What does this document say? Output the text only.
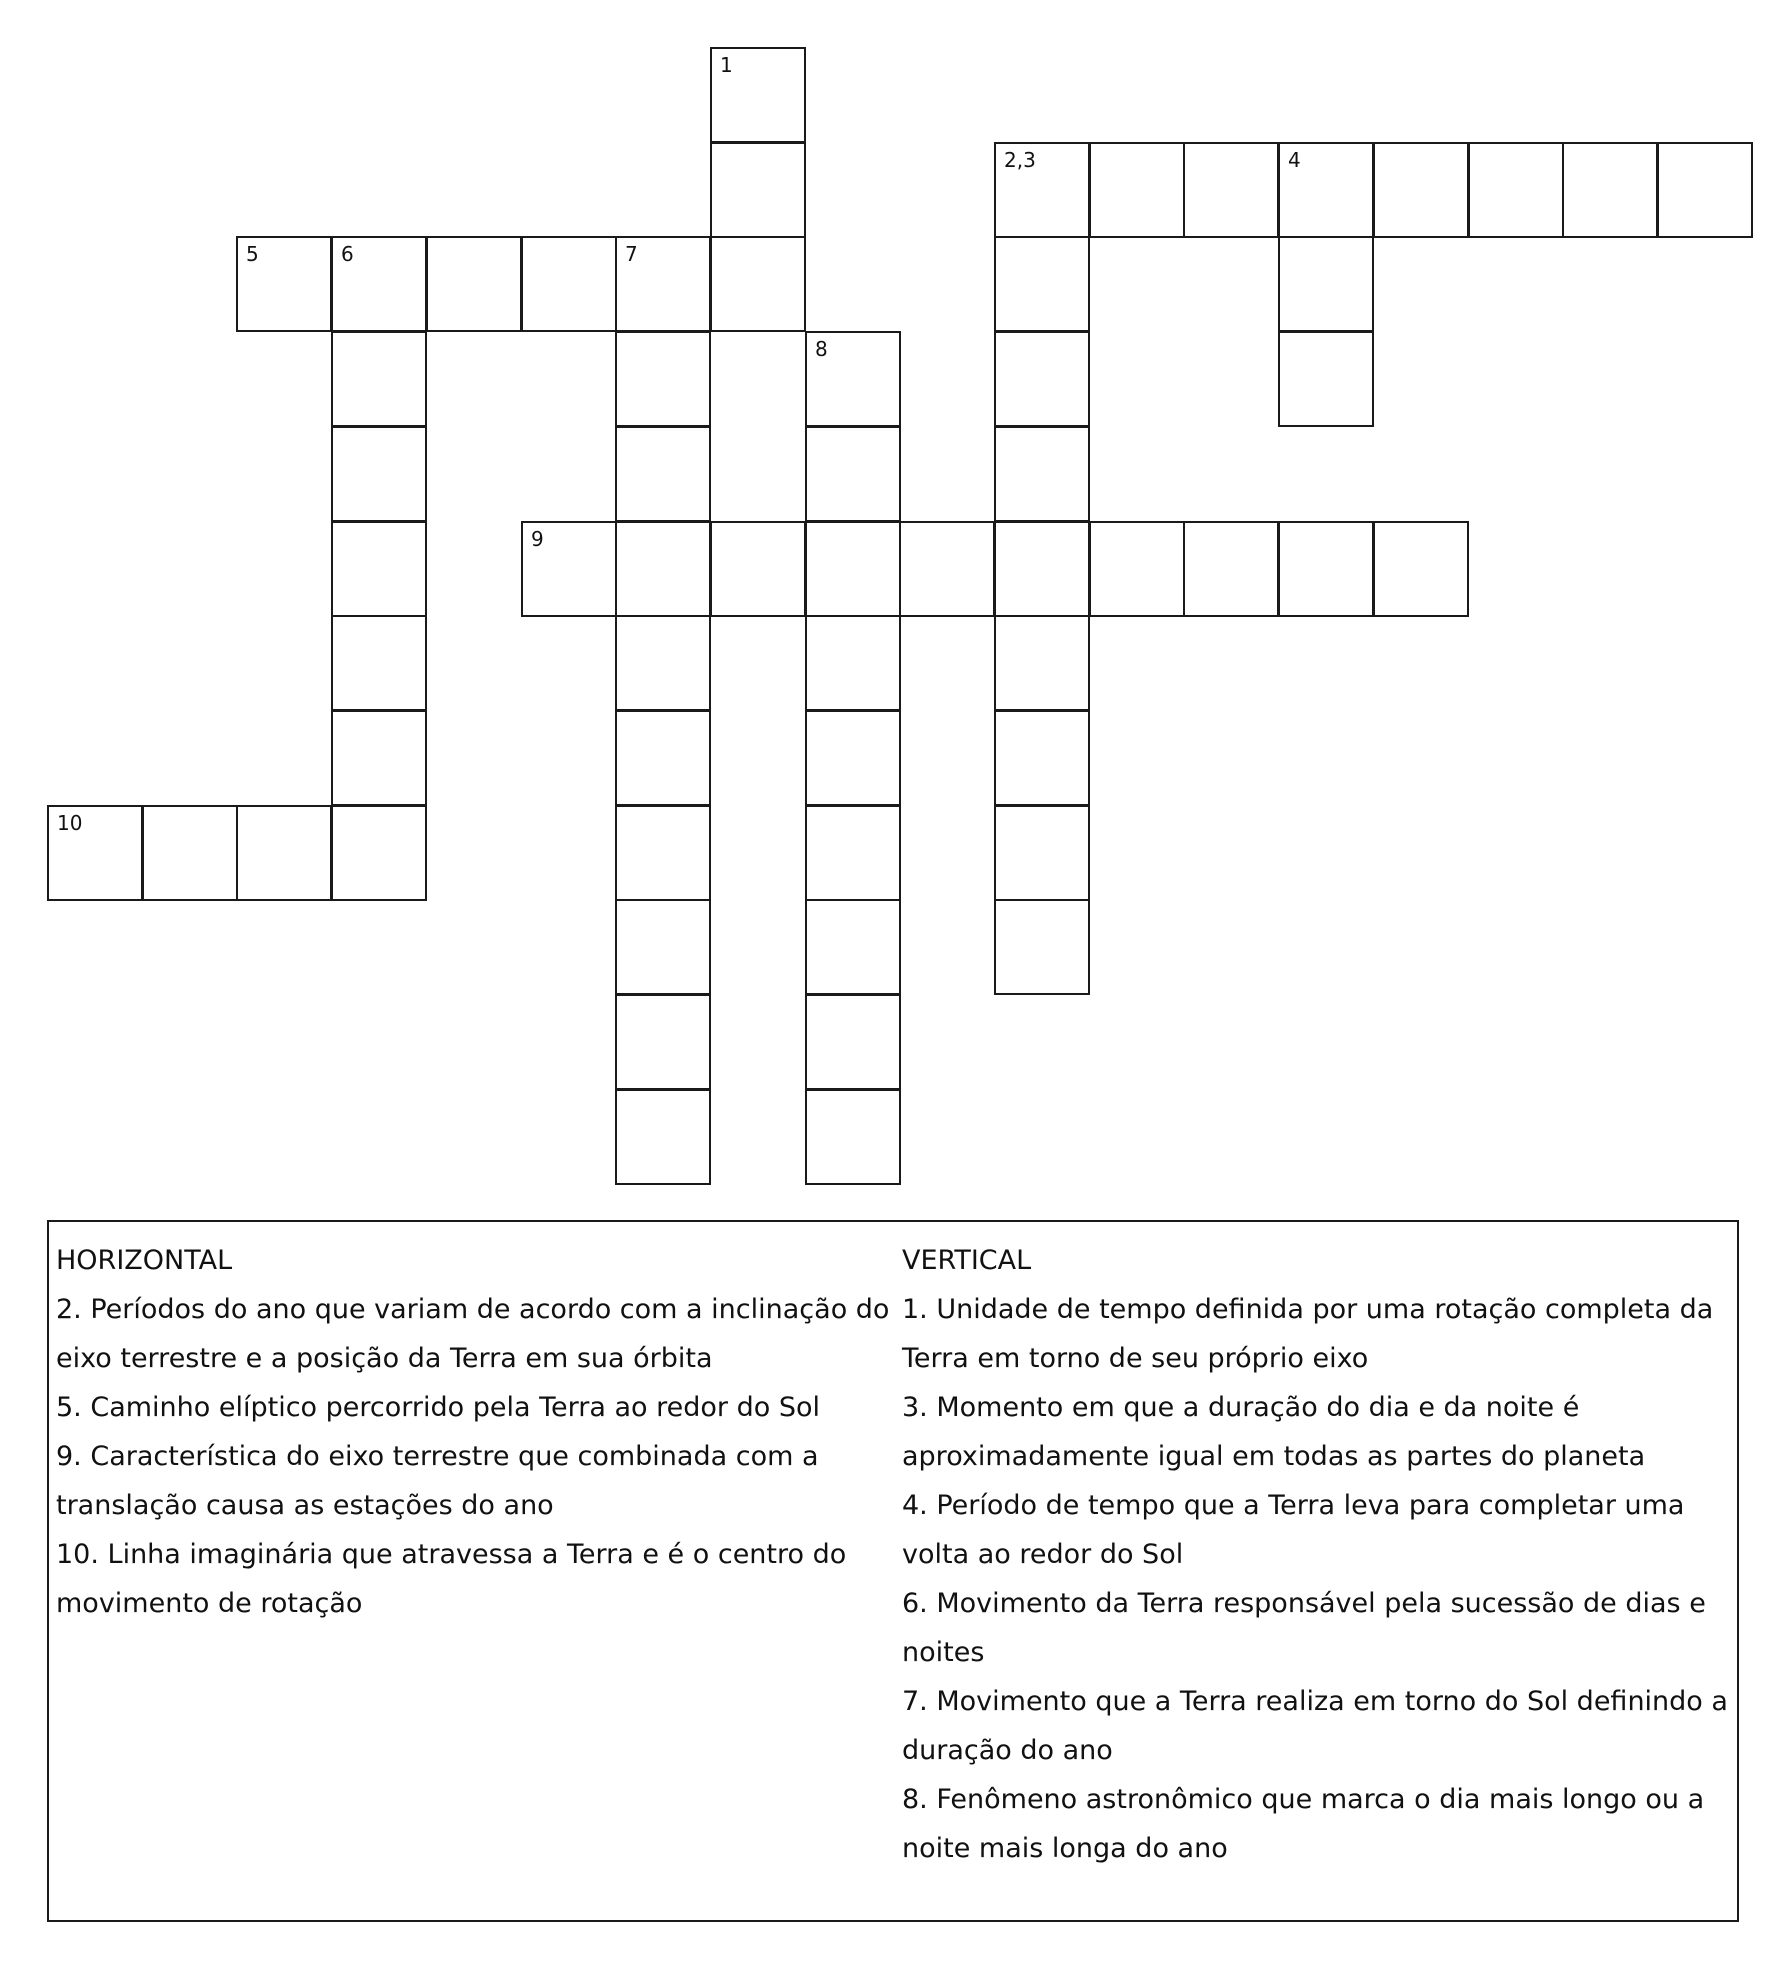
1
2,3	4
5	6	7
8
9
10

HORIZONTAL

2. Períodos do ano que variam de acordo com a inclinação do

eixo terrestre e a posição da Terra em sua órbita

5. Caminho elíptico percorrido pela Terra ao redor do Sol

9. Característica do eixo terrestre que combinada com a

translação causa as estações do ano

10. Linha imaginária que atravessa a Terra e é o centro do

movimento de rotação

VERTICAL

1. Unidade de tempo definida por uma rotação completa da

Terra em torno de seu próprio eixo

3. Momento em que a duração do dia e da noite é

aproximadamente igual em todas as partes do planeta

4. Período de tempo que a Terra leva para completar uma

volta ao redor do Sol

6. Movimento da Terra responsável pela sucessão de dias e

noites

7. Movimento que a Terra realiza em torno do Sol definindo a

duração do ano

8. Fenômeno astronômico que marca o dia mais longo ou a

noite mais longa do ano
